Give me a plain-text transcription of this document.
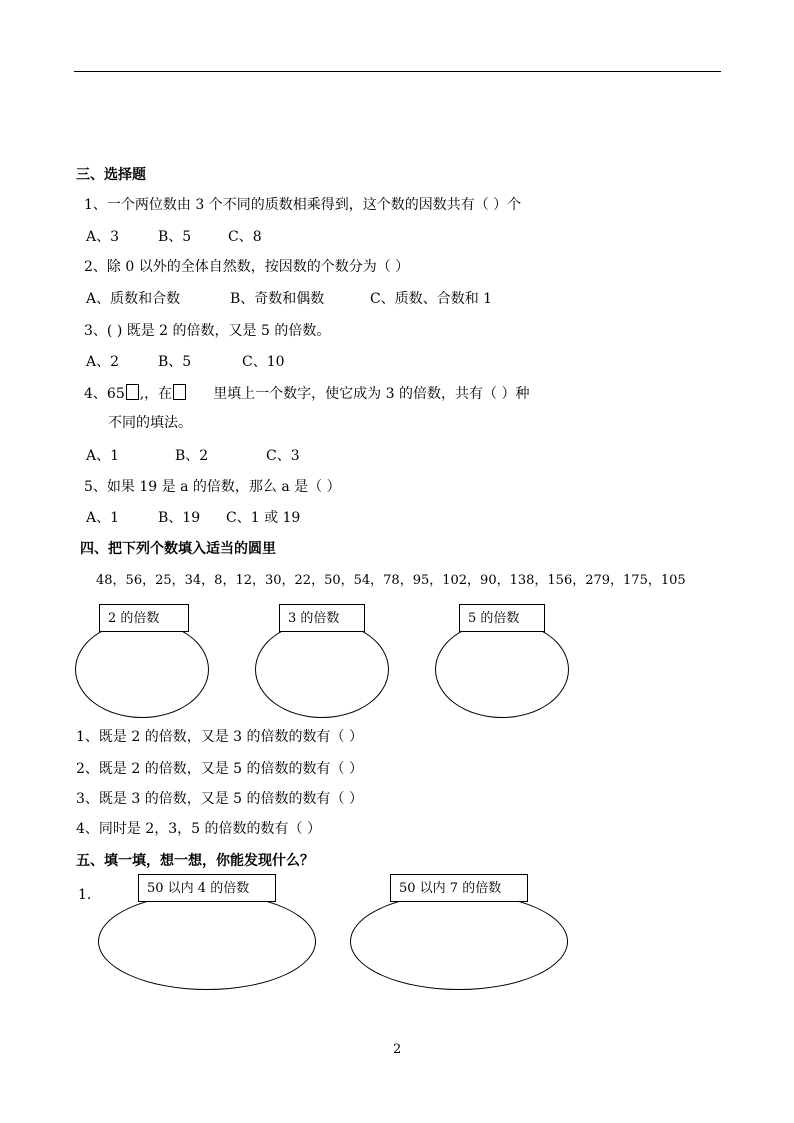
三、选择题
1、一个两位数由 3 个不同的质数相乘得到，这个数的因数共有（ ）个
A、3	B、5	C、8
2、除 0 以外的全体自然数，按因数的个数分为（ ）
A、质数和合数	B、奇数和偶数	C、质数、合数和 1
3、( ) 既是 2 的倍数，又是 5 的倍数。
A、2	B、5	C、10
4、65 ,，在	里填上一个数字，使它成为 3 的倍数，共有（ ）种
不同的填法。
A、1	B、2	C、3
5、如果 19 是 a 的倍数，那么 a 是（ ）
A、1	B、19 C、1 或 19
四、把下列个数填入适当的圆里
48，56，25，34，8，12，30，22，50，54，78，95，102，90，138，156，279，175，105
2 的倍数	3 的倍数	5 的倍数
1、既是 2 的倍数，又是 3 的倍数的数有（ ）
2、既是 2 的倍数，又是 5 的倍数的数有（ ）
3、既是 3 的倍数，又是 5 的倍数的数有（ ）
4、同时是 2，3，5 的倍数的数有（ ）
五、填一填，想一想，你能发现什么？
1.	50 以内 4 的倍数	50 以内 7 的倍数
2
